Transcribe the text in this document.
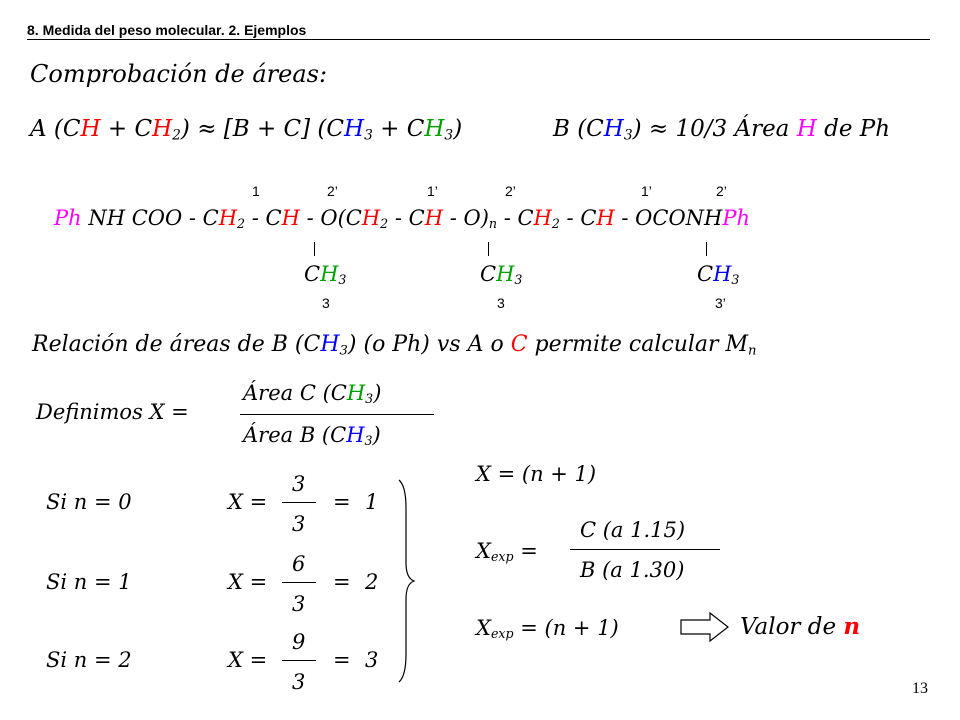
8. Medida del peso molecular. 2. Ejemplos
Comprobación de áreas:
A $(CH + CH_2) \approx [B + C] (CH_3 + CH_3)$	B $(CH_3) \approx 10/3$ Área H de Ph
1	2’	1’	2’	1’	2’
Ph NH COO - $CH_2$ - CH - $O(CH_2$ - CH - $O)_n - CH_2$ - CH - OCONHPh
$CH_3$	$CH_3$	$CH_3$
3	3	3’
Relación de áreas de B $(CH_3)$ (o Ph) vs A o C permite calcular $M_n$
Definimos X =
Área C $(CH_3)$
Área B $(CH_3)$
Si n = 0	X =
3
3
= 1
Si n = 1	X =
6
3
= 2
Si n = 2	X =
9
3
= 3
X = (n + 1)
$X_{exp}$ =
C (a 1.15)
B (a 1.30)
$X_{exp} = (n + 1)$	Valor de n
13
